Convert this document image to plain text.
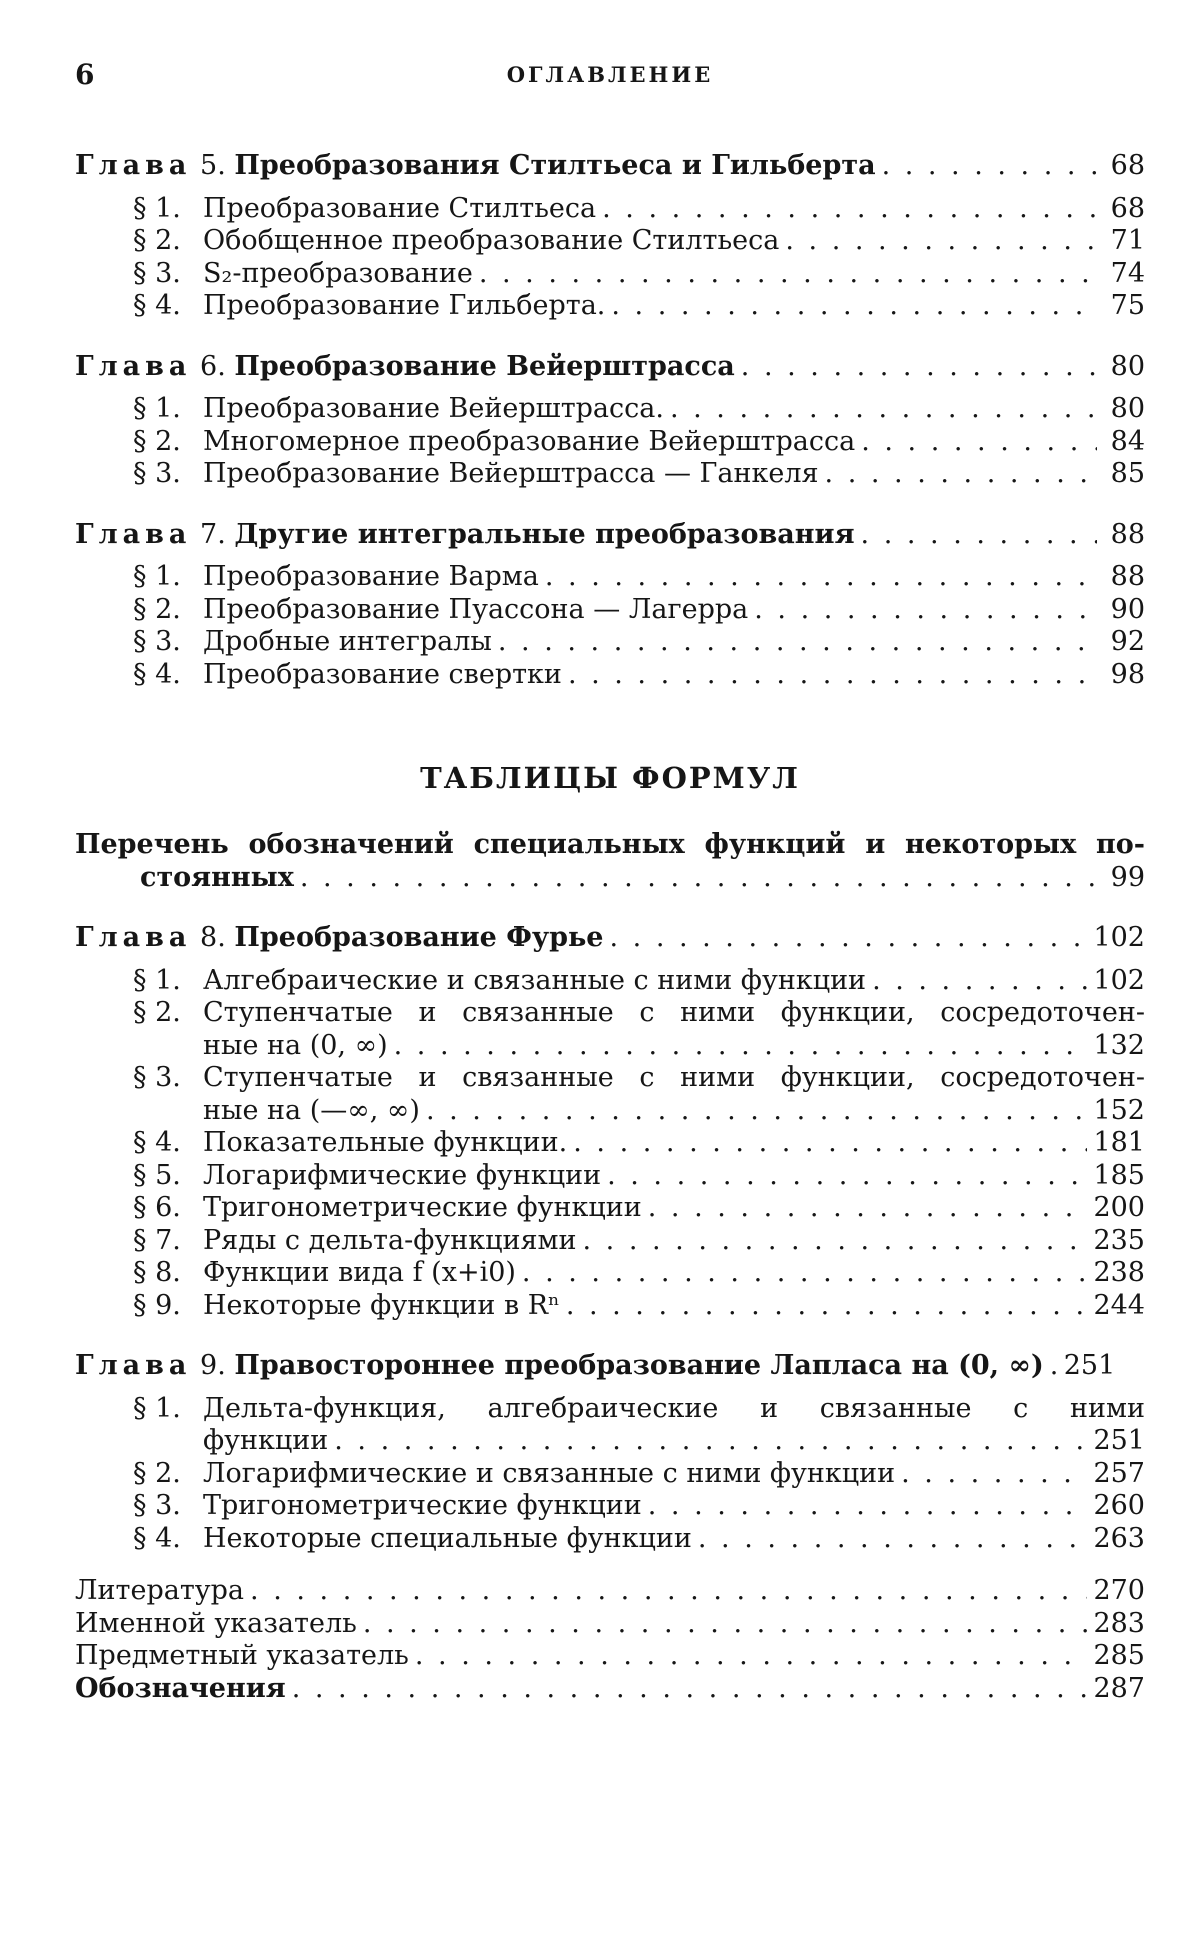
6	ОГЛАВЛЕНИЕ
Глава 5. Преобразования Стилтьеса и Гильберта . . .	68
§ 1. Преобразование Стилтьеса . . .	68
§ 2. Обобщенное преобразование Стилтьеса . . .	71
§ 3. S₂-преобразование . . .	74
§ 4. Преобразование Гильберта. . . .	75
Глава 6. Преобразование Вейерштрасса . . .	80
§ 1. Преобразование Вейерштрасса. . . .	80
§ 2. Многомерное преобразование Вейерштрасса . . .	84
§ 3. Преобразование Вейерштрасса — Ганкеля . . .	85
Глава 7. Другие интегральные преобразования . . .	88
§ 1. Преобразование Варма . . .	88
§ 2. Преобразование Пуассона — Лагерра . . .	90
§ 3. Дробные интегралы . . .	92
§ 4. Преобразование свертки . . .	98
ТАБЛИЦЫ ФОРМУЛ
Перечень обозначений специальных функций и некоторых по-
стоянных . . .	99
Глава 8. Преобразование Фурье . . .	102
§ 1. Алгебраические и связанные с ними функции . . .	102
§ 2. Ступенчатые и связанные с ними функции, сосредоточен-
ные на (0, ∞) . . .	132
§ 3. Ступенчатые и связанные с ними функции, сосредоточен-
ные на (—∞, ∞) . . .	152
§ 4. Показательные функции. . . .	181
§ 5. Логарифмические функции . . .	185
§ 6. Тригонометрические функции . . .	200
§ 7. Ряды с дельта-функциями . . .	235
§ 8. Функции вида f (x+i0) . . .	238
§ 9. Некоторые функции в Rⁿ . . .	244
Глава 9. Правостороннее преобразование Лапласа на (0, ∞) . . . 251
§ 1. Дельта-функция, алгебраические и связанные с ними
функции . . .	251
§ 2. Логарифмические и связанные с ними функции . . .	257
§ 3. Тригонометрические функции . . .	260
§ 4. Некоторые специальные функции . . .	263
Литература . . .	270
Именной указатель . . .	283
Предметный указатель . . .	285
Обозначения . . .	287
